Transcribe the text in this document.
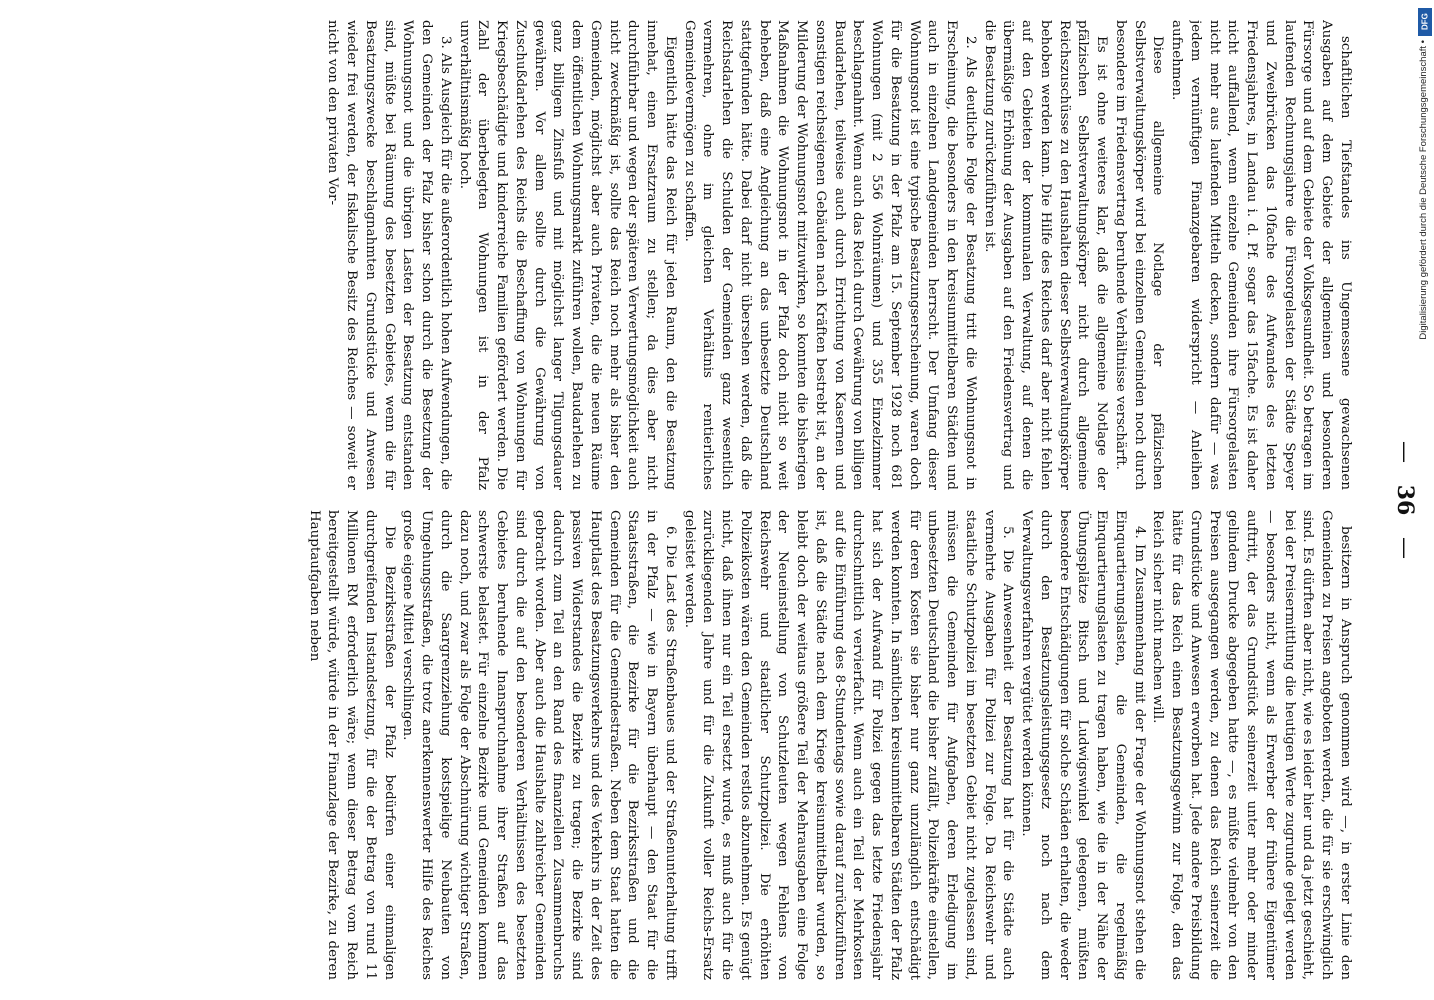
— 36 —

schaftlichen Tiefstandes ins Ungemessene gewachsenen Ausgaben auf dem Gebiete der allgemeinen und besonderen Fürsorge und auf dem Gebiete der Volksgesundheit. So betragen im laufenden Rechnungsjahre die Fürsorgelasten der Städte Speyer und Zweibrücken das 10fache des Aufwandes des letzten Friedensjahres, in Landau i. d. Pf. sogar das 15fache. Es ist daher nicht auffallend, wenn einzelne Gemeinden ihre Fürsorgelasten nicht mehr aus laufenden Mitteln decken, sondern dafür — was jedem vernünftigen Finanzgebaren widerspricht — Anleihen aufnehmen.

Diese allgemeine Notlage der pfälzischen Selbstverwaltungskörper wird bei einzelnen Gemeinden noch durch besondere im Friedensvertrag beruhende Verhältnisse verschärft.

Es ist ohne weiteres klar, daß die allgemeine Notlage der pfälzischen Selbstverwaltungskörper nicht durch allgemeine Reichszuschüsse zu den Haushalten dieser Selbstverwaltungskörper behoben werden kann. Die Hilfe des Reiches darf aber nicht fehlen auf den Gebieten der kommunalen Verwaltung, auf denen die übermäßige Erhöhung der Ausgaben auf den Friedensvertrag und die Besatzung zurückzuführen ist.

2. Als deutliche Folge der Besatzung tritt die Wohnungsnot in Erscheinung, die besonders in den kreisunmittelbaren Städten und auch in einzelnen Landgemeinden herrscht. Der Umfang dieser Wohnungsnot ist eine typische Besatzungserscheinung, waren doch für die Besatzung in der Pfalz am 15. September 1928 noch 681 Wohnungen (mit 2 556 Wohnräumen) und 355 Einzelzimmer beschlagnahmt. Wenn auch das Reich durch Gewährung von billigen Baudarlehen, teilweise auch durch Errichtung von Kasernen und sonstigen reichseigenen Gebäuden nach Kräften bestrebt ist, an der Milderung der Wohnungsnot mitzuwirken, so konnten die bisherigen Maßnahmen die Wohnungsnot in der Pfalz doch nicht so weit beheben, daß eine Angleichung an das unbesetzte Deutschland stattgefunden hätte. Dabei darf nicht übersehen werden, daß die Reichsdarlehen die Schulden der Gemeinden ganz wesentlich vermehren, ohne im gleichen Verhältnis rentierliches Gemeindevermögen zu schaffen.

Eigentlich hätte das Reich für jeden Raum, den die Besatzung innehat, einen Ersatzraum zu stellen; da dies aber nicht durchführbar und wegen der späteren Verwertungsmöglichkeit auch nicht zweckmäßig ist, sollte das Reich noch mehr als bisher den Gemeinden, möglichst aber auch Privaten, die die neuen Räume dem öffentlichen Wohnungsmarkt zuführen wollen, Baudarlehen zu ganz billigem Zinsfuß und mit möglichst langer Tilgungsdauer gewähren. Vor allem sollte durch die Gewährung von Zuschußdarlehen des Reichs die Beschaffung von Wohnungen für Kriegsbeschädigte und kinderreiche Familien gefördert werden. Die Zahl der überbelegten Wohnungen ist in der Pfalz unverhältnismäßig hoch.

3. Als Ausgleich für die außerordentlich hohen Aufwendungen, die den Gemeinden der Pfalz bisher schon durch die Besetzung der Wohnungsnot und die übrigen Lasten der Besatzung entstanden sind, müßte bei Räumung des besetzten Gebietes, wenn die für Besatzungszwecke beschlagnahmten Grundstücke und Anwesen wieder frei werden, der fiskalische Besitz des Reiches — soweit er nicht von den privaten Vor-

besitzern in Anspruch genommen wird —, in erster Linie den Gemeinden zu Preisen angeboten werden, die für sie erschwinglich sind. Es dürften aber nicht, wie es leider hier und da jetzt geschieht, bei der Preisermittlung die heutigen Werte zugrunde gelegt werden — besonders nicht, wenn als Erwerber der frühere Eigentümer auftritt, der das Grundstück seinerzeit unter mehr oder minder gelindem Drucke abgegeben hatte —, es müßte vielmehr von den Preisen ausgegangen werden, zu denen das Reich seinerzeit die Grundstücke und Anwesen erworben hat. Jede andere Preisbildung hätte für das Reich einen Besatzungsgewinn zur Folge, den das Reich sicher nicht machen will.

4. Im Zusammenhang mit der Frage der Wohnungsnot stehen die Einquartierungslasten, die Gemeinden, die regelmäßig Einquartierungslasten zu tragen haben, wie die in der Nähe der Übungsplätze Bitsch und Ludwigswinkel gelegenen, müßten besondere Entschädigungen für solche Schäden erhalten, die weder durch den Besatzungsleistungsgesetz noch nach dem Verwaltungsverfahren vergütet werden können.

5. Die Anwesenheit der Besatzung hat für die Städte auch vermehrte Ausgaben für Polizei zur Folge. Da Reichswehr und staatliche Schutzpolizei im besetzten Gebiet nicht zugelassen sind, müssen die Gemeinden für Aufgaben, deren Erledigung im unbesetzten Deutschland die bisher zufällt, Polizeikräfte einstellen, für deren Kosten sie bisher nur ganz unzulänglich entschädigt werden konnten. In sämtlichen kreisunmittelbaren Städten der Pfalz hat sich der Aufwand für Polizei gegen das letzte Friedensjahr durchschnittlich vervierfacht. Wenn auch ein Teil der Mehrkosten auf die Einführung des 8-Stundentags sowie darauf zurückzuführen ist, daß die Städte nach dem Kriege kreisunmittelbar wurden, so bleibt doch der weitaus größere Teil der Mehrausgaben eine Folge der Neueinstellung von Schutzleuten wegen Fehlens von Reichswehr und staatlicher Schutzpolizei. Die erhöhten Polizeikosten wären den Gemeinden restlos abzunehmen. Es genügt nicht, daß ihnen nur ein Teil ersetzt wurde, es muß auch für die zurückliegenden Jahre und für die Zukunft voller Reichs-Ersatz geleistet werden.

6. Die Last des Straßenbaues und der Straßenunterhaltung trifft in der Pfalz — wie in Bayern überhaupt — den Staat für die Staatsstraßen, die Bezirke für die Bezirksstraßen und die Gemeinden für die Gemeindestraßen. Neben dem Staat hatten die Hauptlast des Besatzungsverkehrs und des Verkehrs in der Zeit des passiven Widerstandes die Bezirke zu tragen; die Bezirke sind dadurch zum Teil an den Rand des finanziellen Zusammenbruchs gebracht worden. Aber auch die Haushalte zahlreicher Gemeinden sind durch die auf den besonderen Verhältnissen des besetzten Gebietes beruhende Inanspruchnahme ihrer Straßen auf das schwerste belastet. Für einzelne Bezirke und Gemeinden kommen dazu noch, und zwar als Folge der Abschnürung wichtiger Straßen, durch die Saargrenzziehung kostspielige Neubauten von Umgehungsstraßen, die trotz anerkennenswerter Hilfe des Reiches große eigene Mittel verschlingen.

Die Bezirksstraßen der Pfalz bedürfen einer einmaligen durchgreifenden Instandsetzung, für die der Betrag von rund 11 Millionen RM erforderlich wäre; wenn dieser Betrag vom Reich bereitgestellt würde, würde in der Finanzlage der Bezirke, zu deren Hauptaufgaben neben

Digitalisierung gefördert durch die Deutsche Forschungsgemeinschaft •
DFG
